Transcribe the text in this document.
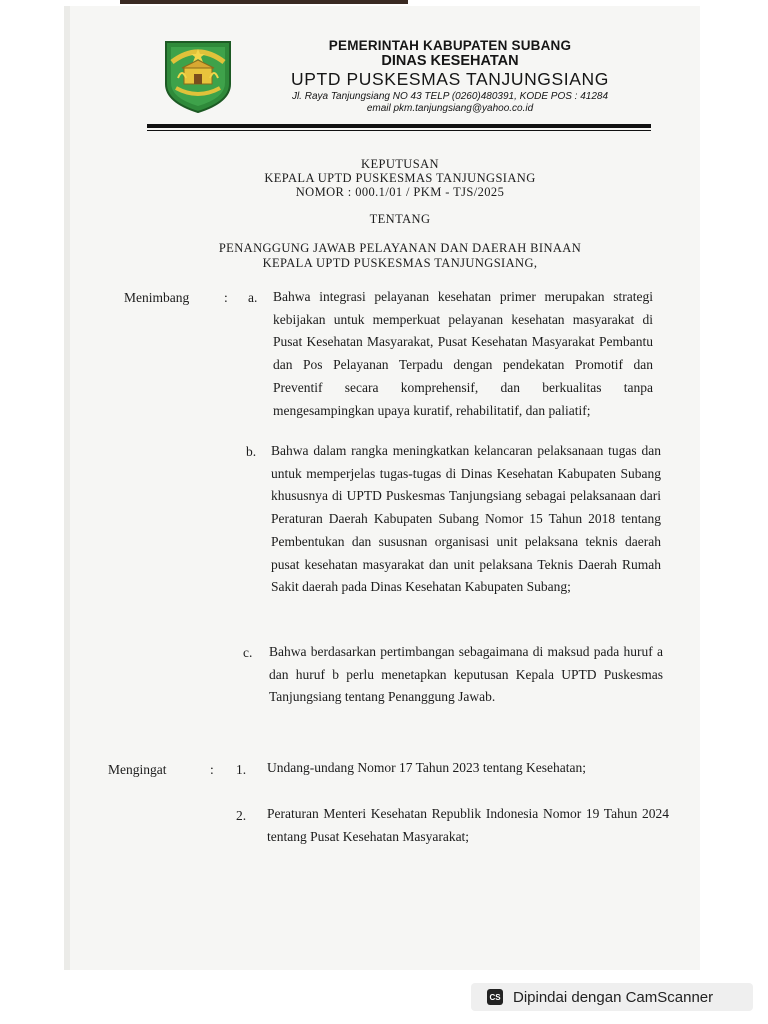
PEMERINTAH KABUPATEN SUBANG
DINAS KESEHATAN
UPTD PUSKESMAS TANJUNGSIANG
Jl. Raya Tanjungsiang NO 43 TELP (0260)480391, KODE POS : 41284
email pkm.tanjungsiang@yahoo.co.id
KEPUTUSAN
KEPALA UPTD PUSKESMAS TANJUNGSIANG
NOMOR : 000.1/01 / PKM - TJS/2025
TENTANG
PENANGGUNG JAWAB PELAYANAN DAN DAERAH BINAAN
KEPALA UPTD PUSKESMAS TANJUNGSIANG,
Menimbang	: a. Bahwa integrasi pelayanan kesehatan primer merupakan strategi kebijakan untuk memperkuat pelayanan kesehatan masyarakat di Pusat Kesehatan Masyarakat, Pusat Kesehatan Masyarakat Pembantu dan Pos Pelayanan Terpadu dengan pendekatan Promotif dan Preventif secara komprehensif, dan berkualitas tanpa mengesampingkan upaya kuratif, rehabilitatif, dan paliatif;
b. Bahwa dalam rangka meningkatkan kelancaran pelaksanaan tugas dan untuk memperjelas tugas-tugas di Dinas Kesehatan Kabupaten Subang khususnya di UPTD Puskesmas Tanjungsiang sebagai pelaksanaan dari Peraturan Daerah Kabupaten Subang Nomor 15 Tahun 2018 tentang Pembentukan dan sususnan organisasi unit pelaksana teknis daerah pusat kesehatan masyarakat dan unit pelaksana Teknis Daerah Rumah Sakit daerah pada Dinas Kesehatan Kabupaten Subang;
c. Bahwa berdasarkan pertimbangan sebagaimana di maksud pada huruf a dan huruf b perlu menetapkan keputusan Kepala UPTD Puskesmas Tanjungsiang tentang Penanggung Jawab.
Mengingat	: 1. Undang-undang Nomor 17 Tahun 2023 tentang Kesehatan;
2. Peraturan Menteri Kesehatan Republik Indonesia Nomor 19 Tahun 2024 tentang Pusat Kesehatan Masyarakat;
CS Dipindai dengan CamScanner
